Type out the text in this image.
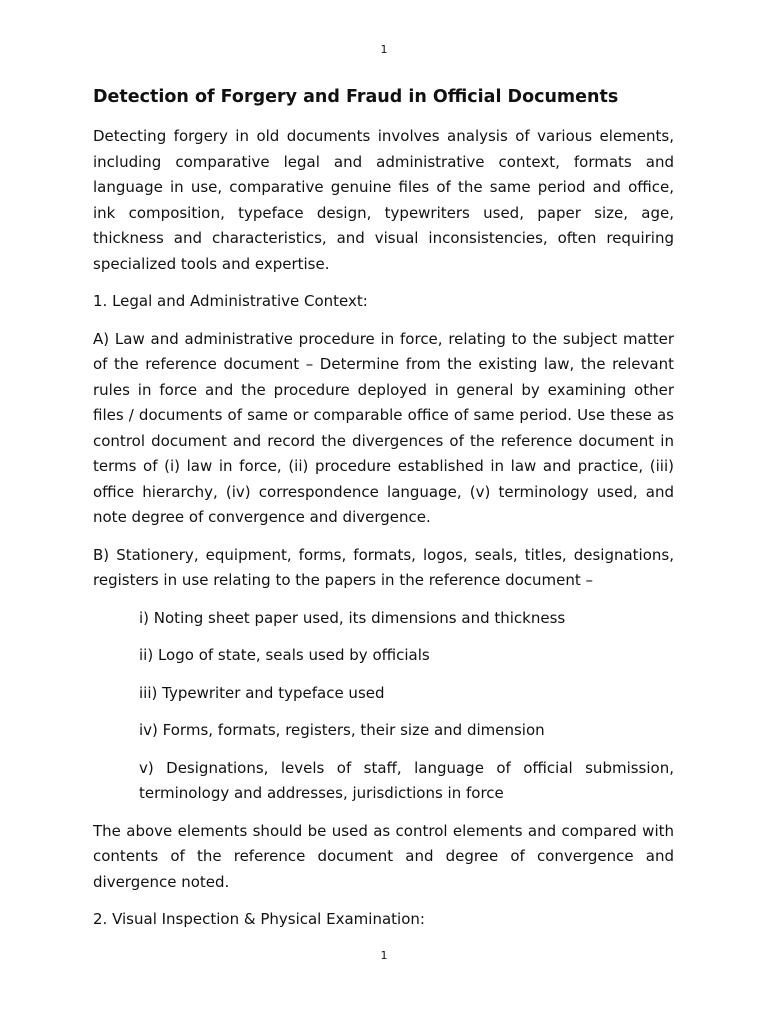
1
Detection of Forgery and Fraud in Official Documents

Detecting forgery in old documents involves analysis of various elements, including comparative legal and administrative context, formats and language in use, comparative genuine files of the same period and office, ink composition, typeface design, typewriters used, paper size, age, thickness and characteristics, and visual inconsistencies, often requiring specialized tools and expertise.

1. Legal and Administrative Context:

A) Law and administrative procedure in force, relating to the subject matter of the reference document – Determine from the existing law, the relevant rules in force and the procedure deployed in general by examining other files / documents of same or comparable office of same period. Use these as control document and record the divergences of the reference document in terms of (i) law in force, (ii) procedure established in law and practice, (iii) office hierarchy, (iv) correspondence language, (v) terminology used, and note degree of convergence and divergence.

B) Stationery, equipment, forms, formats, logos, seals, titles, designations, registers in use relating to the papers in the reference document –

i) Noting sheet paper used, its dimensions and thickness
ii) Logo of state, seals used by officials
iii) Typewriter and typeface used
iv) Forms, formats, registers, their size and dimension
v) Designations, levels of staff, language of official submission, terminology and addresses, jurisdictions in force

The above elements should be used as control elements and compared with contents of the reference document and degree of convergence and divergence noted.

2. Visual Inspection & Physical Examination:

1
